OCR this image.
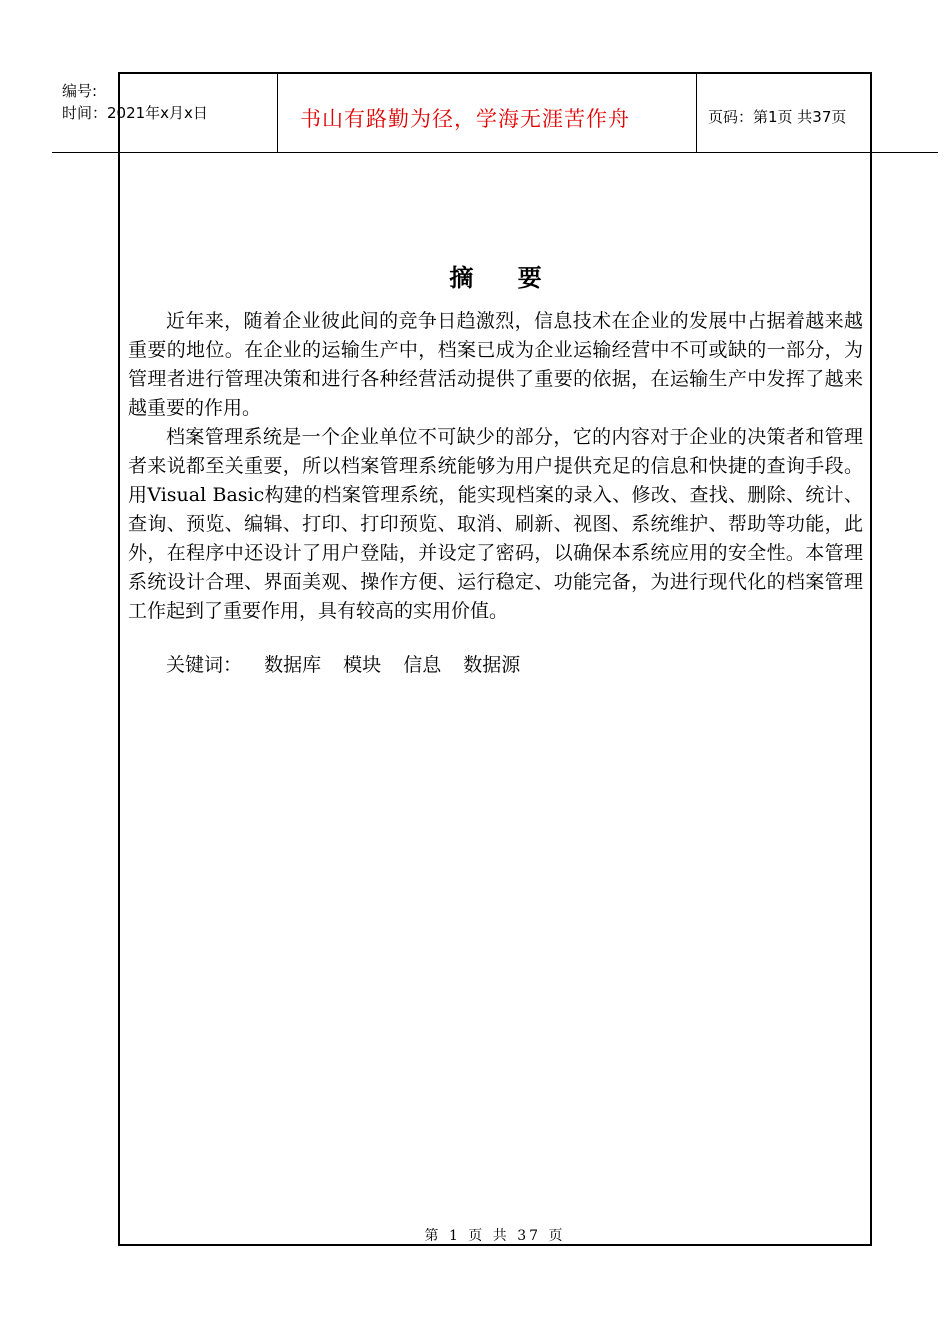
编号:
时间：2021年x月x日	书山有路勤为径，学海无涯苦作舟	页码：第1页 共37页
摘 要

近年来，随着企业彼此间的竞争日趋激烈，信息技术在企业的发展中占据着越来越重要的地位。在企业的运输生产中，档案已成为企业运输经营中不可或缺的一部分，为管理者进行管理决策和进行各种经营活动提供了重要的依据，在运输生产中发挥了越来越重要的作用。

档案管理系统是一个企业单位不可缺少的部分，它的内容对于企业的决策者和管理者来说都至关重要，所以档案管理系统能够为用户提供充足的信息和快捷的查询手段。用Visual Basic构建的档案管理系统，能实现档案的录入、修改、查找、删除、统计、查询、预览、编辑、打印、打印预览、取消、刷新、视图、系统维护、帮助等功能，此外，在程序中还设计了用户登陆，并设定了密码，以确保本系统应用的安全性。本管理系统设计合理、界面美观、操作方便、运行稳定、功能完备，为进行现代化的档案管理工作起到了重要作用，具有较高的实用价值。

关键词： 数据库 模块 信息 数据源
第 1 页 共 37 页
